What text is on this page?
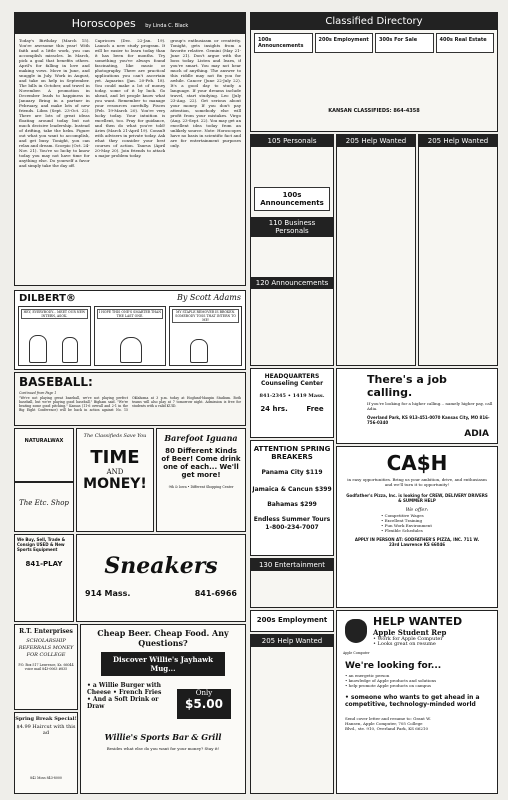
Horoscopes by Linda C. Black
Today's Birthday (March 15). You're awesome this year! With faith and a little work, you can accomplish miracles. In March, pick a goal that benefits others. April's for falling in love and making vows. Move in June, and snuggle in July. Work in August, and take on help in September. The bills in October, and travel in November. A promotion in December leads to happiness in January. Bring in a partner in February, and make lots of new friends. Libra (Sept. 23-Oct. 22). There are lots of great ideas floating around today but not much decisive leadership. Instead of drifting, take the helm. Figure out what you want to accomplish, and get busy. Tonight, you can relax and dream. Scorpio (Oct. 24-Nov. 21). You're so lucky to know today you may not have time for anything else. Do yourself a favor and simply take the day off.
Capricorn (Dec. 22-Jan. 19). Launch a new study program. It will be easier to learn today than it has been for months. Try something you've always found fascinating, like music or photography. There are practical applications you can't ascertain yet. Aquarius (Jan. 20-Feb. 18). You could make a lot of money today, some of it by luck. Go ahead, and let people know what you want. Remember to manage your resources carefully. Pisces (Feb. 19-March 20). You're very lucky today. Your intuition is excellent, too. Pray for guidance, and then do what you're told! Aries (March 21-April 19). Consult with advisers in private today. Ask what they consider your best courses of action. Taurus (April 20-May 20). Join friends to attack a major problem today.
group's enthusiasm or creativity. Tonight, gets insights from a favorite relative. Gemini (May 21-June 21). Don't argue with the boss today. Listen and learn, if you're smart. You may not hear much of anything. The answer to this riddle may not fix you for awhile. Cancer (June 22-July 22). It's a good day to study a language. If your dreams include travel, start studying. Leo (July 23-Aug. 22). Get serious about your money. If you don't pay attention, somebody else will profit from your mistakes. Virgo (Aug. 23-Sept. 22). You may get an excellent idea today from an unlikely source. Note: Horoscopes have no basis in scientific fact and are for entertainment purposes only.
DILBERT®	By Scott Adams
HEY, EVERYBODY... MEET OUR NEW INTERN, ASOK.
I HOPE THIS ONE'S SMARTER THAN THE LAST ONE.
MY STAPLE REMOVER IS BROKEN. SOMEBODY TOSS THAT INTERN TO ME!
BASEBALL:
Continued from Page 1
"We're not playing great baseball, we're not playing perfect baseball, but we're playing good baseball," Bigham said. "We're beating some good pitching." Kansas (11-6 overall and 2-1 in the Big Eight Conference) will be back in action against No. 15 Oklahoma at 3 p.m. today at Hoglund-Maupin Stadium. Both teams will also play at 7 tomorrow night. Admission is free for students with a valid KUID.
NATURALWAX
The Etc. Shop
The Classifieds Save You
TIME
AND
MONEY!
Barefoot Iguana
80 Different Kinds of Beer! Come drink one of each... We'll get more!
9th & Iowa • Different Shopping Center
We Buy, Sell, Trade & Consign USED & New Sports Equipment
841-PLAY	Sneakers
914 Mass.	841-6966
R.T. Enterprises
SCHOLARSHIP REFERRALS MONEY FOR COLLEGE
P.O. Box 517 Lawrence, Ks. 66044 voice mail 843-0063 #835
Spring Break Special!
$4.99 Haircut with this ad
842 Moss 843-8000
Cheap Beer. Cheap Food. Any Questions?
Discover Willie's Jayhawk Mug...
• a Willie Burger with Cheese • French Fries • And a Soft Drink or Draw
Only
$5.00
Willie's Sports Bar & Grill
Besides what else do you want for your money? Stay it!
Classified Directory
100s Announcements
200s Employment	300s For Sale	400s Real Estate
KANSAN CLASSIFIEDS: 864-4358
105 Personals
100s Announcements
110 Business Personals
120 Announcements
205 Help Wanted	205 Help Wanted
HEADQUARTERS Counseling Center
841-2345 • 1419 Mass.
24 hrs.	Free
ATTENTION SPRING BREAKERS
Panama City $119
Jamaica & Cancun $399
Bahamas $299
Endless Summer Tours 1-800-234-7007
130 Entertainment
200s Employment
205 Help Wanted
There's a job calling.
If you're looking for a higher calling... namely higher pay, call Adia.
Overland Park, KS 913-451-0070 Kansas City, MO 816-756-0340
ADIA
CA$H
in easy opportunities. Bring us your ambition, drive, and enthusiasm and we'll turn it to opportunity!
Godfather's Pizza, Inc. is looking for CREW, DELIVERY DRIVERS & SUMMER HELP
We offer:
• Competitive Wages
• Excellent Training
• Fun Work Environment
• Flexible Schedules
APPLY IN PERSON AT: GODFATHER'S PIZZA, INC. 711 W. 23rd Lawrence KS 66046
HELP WANTED
Apple Student Rep
• Work for Apple Computer
• Looks great on resume
Apple Computer
We're looking for...
• an energetic person
• knowledge of Apple products and solutions
• help promote Apple products on campus
• someone who wants to get ahead in a competitive, technology-minded world
Send cover letter and resume to: Grant W. Hansen, Apple Computer, 705 College Blvd., ste. 910, Overland Park, KS 66210
